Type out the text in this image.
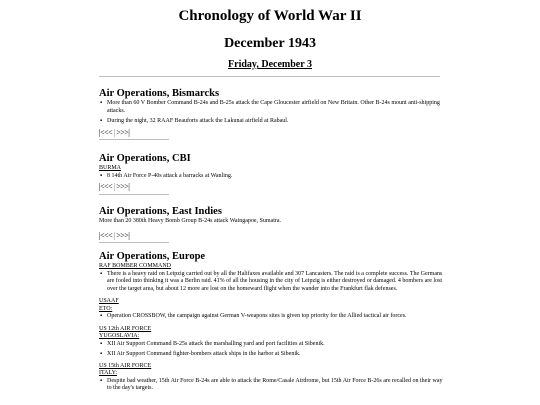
Chronology of World War II
December 1943
Friday, December 3
Air Operations, Bismarcks
▪ More than 60 V Bomber Command B-24s and B-25s attack the Cape Gloucester airfield on New Britain. Other B-24s mount anti-shipping attacks.
▪ During the night, 32 RAAF Beauforts attack the Lakunai airfield at Rabaul.
|<<< | >>>|
Air Operations, CBI
BURMA
▪ 8 14th Air Force P-40s attack a barracks at Wanling.
|<<< | >>>|
Air Operations, East Indies
More than 20 380th Heavy Bomb Group B-24s attack Waingapoe, Sumatra.
|<<< | >>>|
Air Operations, Europe
RAF BOMBER COMMAND
▪ There is a heavy raid on Leipzig carried out by all the Halifaxes available and 307 Lancasters. The raid is a complete success. The Germans are fooled into thinking it was a Berlin raid. 41% of all the housing in the city of Leipzig is either destroyed or damaged. 4 bombers are lost over the target area, but about 12 more are lost on the homeward flight when the wander into the Frankfurt flak defenses.
USAAF
ETO:
▪ Operation CROSSBOW, the campaign against German V-weapons sites is given top priority for the Allied tactical air forces.
US 12th AIR FORCE
YUGOSLAVIA:
▪ XII Air Support Command B-25s attack the marshalling yard and port facilities at Sibenik.
▪ XII Air Support Command fighter-bombers attack ships in the harbor at Sibenik.
US 15th AIR FORCE
ITALY:
▪ Despite bad weather, 15th Air Force B-24s are able to attack the Rome/Casale Airdrome, but 15th Air Force B-26s are recalled on their way to the day's targets.
